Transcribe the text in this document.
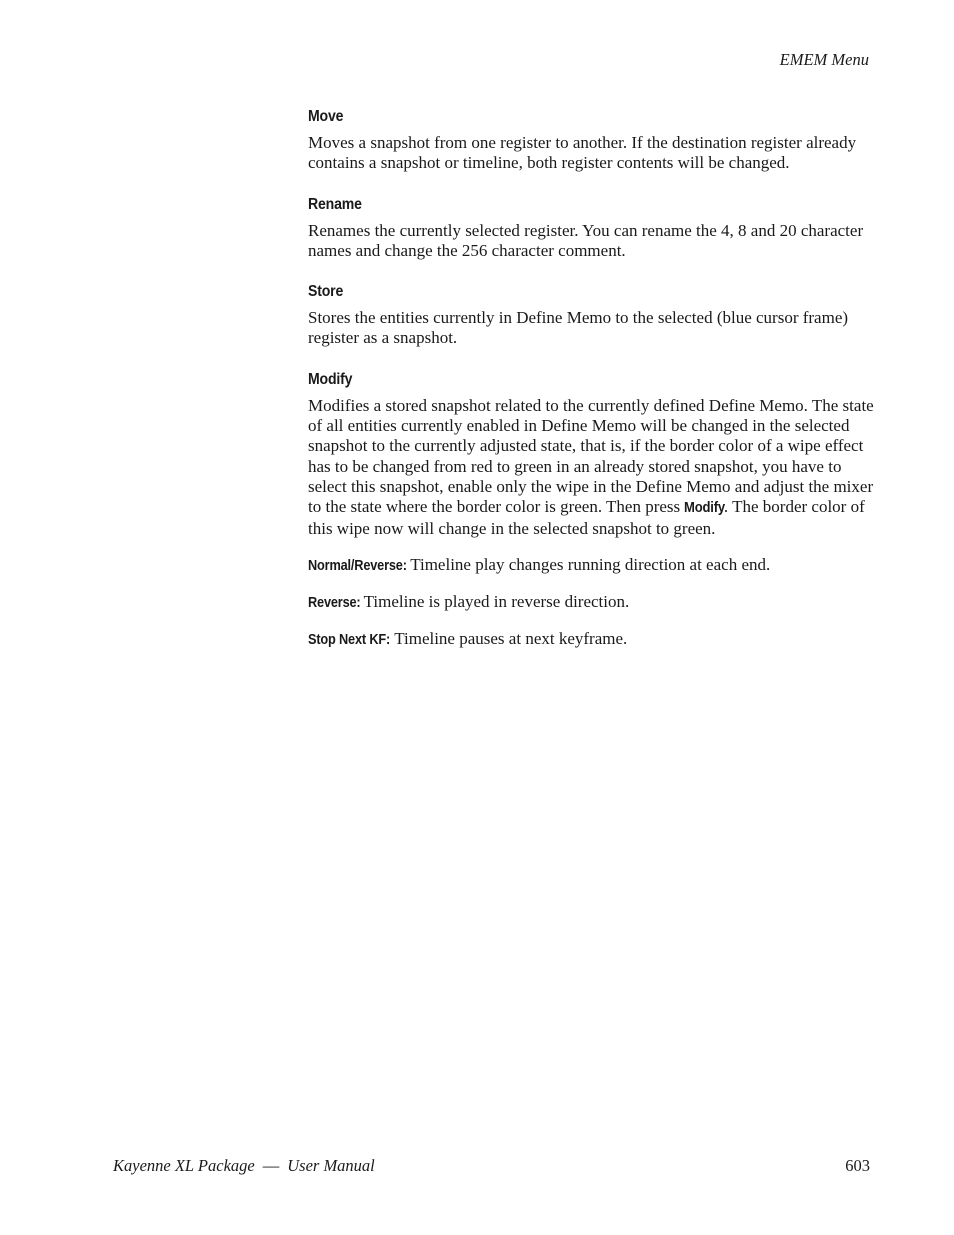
EMEM Menu

Move

Moves a snapshot from one register to another. If the destination register already contains a snapshot or timeline, both register contents will be changed.

Rename

Renames the currently selected register. You can rename the 4, 8 and 20 character names and change the 256 character comment.

Store

Stores the entities currently in Define Memo to the selected (blue cursor frame) register as a snapshot.

Modify

Modifies a stored snapshot related to the currently defined Define Memo. The state of all entities currently enabled in Define Memo will be changed in the selected snapshot to the currently adjusted state, that is, if the border color of a wipe effect has to be changed from red to green in an already stored snapshot, you have to select this snapshot, enable only the wipe in the Define Memo and adjust the mixer to the state where the border color is green. Then press Modify. The border color of this wipe now will change in the selected snapshot to green.

Normal/Reverse: Timeline play changes running direction at each end.

Reverse: Timeline is played in reverse direction.

Stop Next KF: Timeline pauses at next keyframe.

Kayenne XL Package — User Manual	603
